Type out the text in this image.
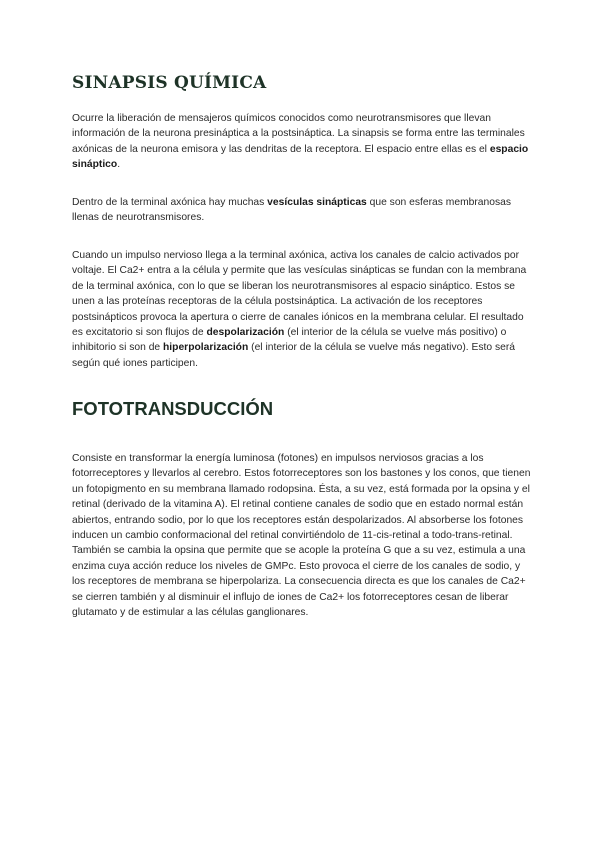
SINAPSIS QUÍMICA

Ocurre la liberación de mensajeros químicos conocidos como neurotransmisores que llevan información de la neurona presináptica a la postsináptica. La sinapsis se forma entre las terminales axónicas de la neurona emisora y las dendritas de la receptora. El espacio entre ellas es el espacio sináptico.

Dentro de la terminal axónica hay muchas vesículas sinápticas que son esferas membranosas llenas de neurotransmisores.

Cuando un impulso nervioso llega a la terminal axónica, activa los canales de calcio activados por voltaje. El Ca2+ entra a la célula y permite que las vesículas sinápticas se fundan con la membrana de la terminal axónica, con lo que se liberan los neurotransmisores al espacio sináptico. Estos se unen a las proteínas receptoras de la célula postsináptica. La activación de los receptores postsinápticos provoca la apertura o cierre de canales iónicos en la membrana celular. El resultado es excitatorio si son flujos de despolarización (el interior de la célula se vuelve más positivo) o inhibitorio si son de hiperpolarización (el interior de la célula se vuelve más negativo). Esto será según qué iones participen.

FOTOTRANSDUCCIÓN

Consiste en transformar la energía luminosa (fotones) en impulsos nerviosos gracias a los fotorreceptores y llevarlos al cerebro. Estos fotorreceptores son los bastones y los conos, que tienen un fotopigmento en su membrana llamado rodopsina. Ésta, a su vez, está formada por la opsina y el retinal (derivado de la vitamina A). El retinal contiene canales de sodio que en estado normal están abiertos, entrando sodio, por lo que los receptores están despolarizados. Al absorberse los fotones inducen un cambio conformacional del retinal convirtiéndolo de 11-cis-retinal a todo-trans-retinal. También se cambia la opsina que permite que se acople la proteína G que a su vez, estimula a una enzima cuya acción reduce los niveles de GMPc. Esto provoca el cierre de los canales de sodio, y los receptores de membrana se hiperpolariza. La consecuencia directa es que los canales de Ca2+ se cierren también y al disminuir el influjo de iones de Ca2+ los fotorreceptores cesan de liberar glutamato y de estimular a las células ganglionares.
